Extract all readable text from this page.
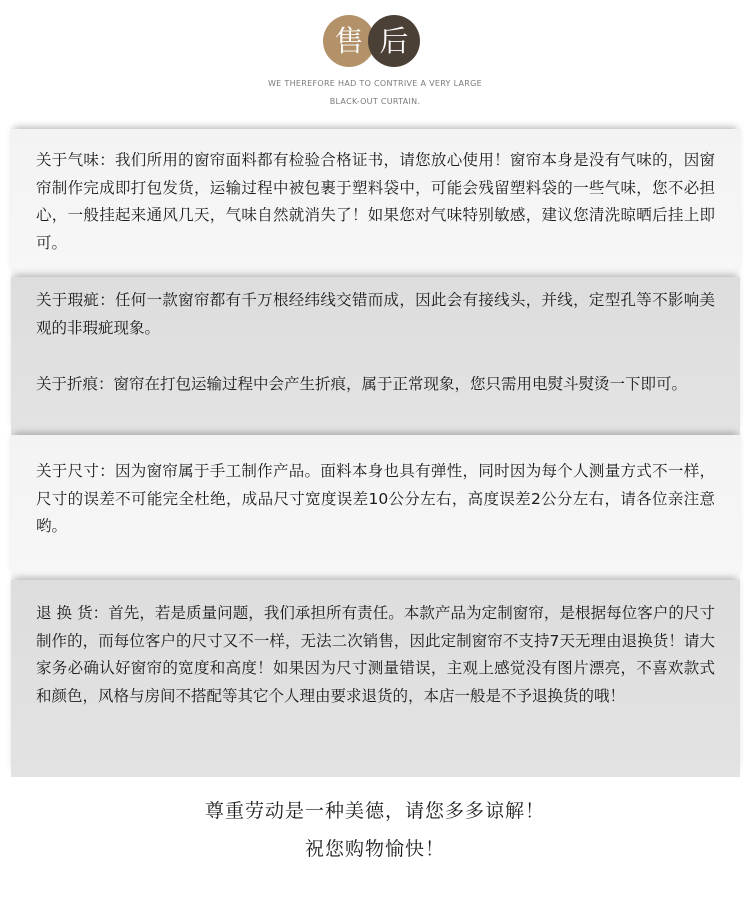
售 后
WE THEREFORE HAD TO CONTRIVE A VERY LARGE
BLACK-OUT CURTAIN.

关于气味：我们所用的窗帘面料都有检验合格证书，请您放心使用！窗帘本身是没有气味的，因窗帘制作完成即打包发货，运输过程中被包裹于塑料袋中，可能会残留塑料袋的一些气味，您不必担心，一般挂起来通风几天，气味自然就消失了！如果您对气味特别敏感，建议您清洗晾晒后挂上即可。

关于瑕疵：任何一款窗帘都有千万根经纬线交错而成，因此会有接线头，并线，定型孔等不影响美观的非瑕疵现象。

关于折痕：窗帘在打包运输过程中会产生折痕，属于正常现象，您只需用电熨斗熨烫一下即可。

关于尺寸：因为窗帘属于手工制作产品。面料本身也具有弹性，同时因为每个人测量方式不一样，尺寸的误差不可能完全杜绝，成品尺寸宽度误差10公分左右，高度误差2公分左右，请各位亲注意哟。

退 换 货：首先，若是质量问题，我们承担所有责任。本款产品为定制窗帘，是根据每位客户的尺寸制作的，而每位客户的尺寸又不一样，无法二次销售，因此定制窗帘不支持7天无理由退换货！请大家务必确认好窗帘的宽度和高度！如果因为尺寸测量错误，主观上感觉没有图片漂亮，不喜欢款式和颜色，风格与房间不搭配等其它个人理由要求退货的，本店一般是不予退换货的哦！

尊重劳动是一种美德，请您多多谅解！
祝您购物愉快！
